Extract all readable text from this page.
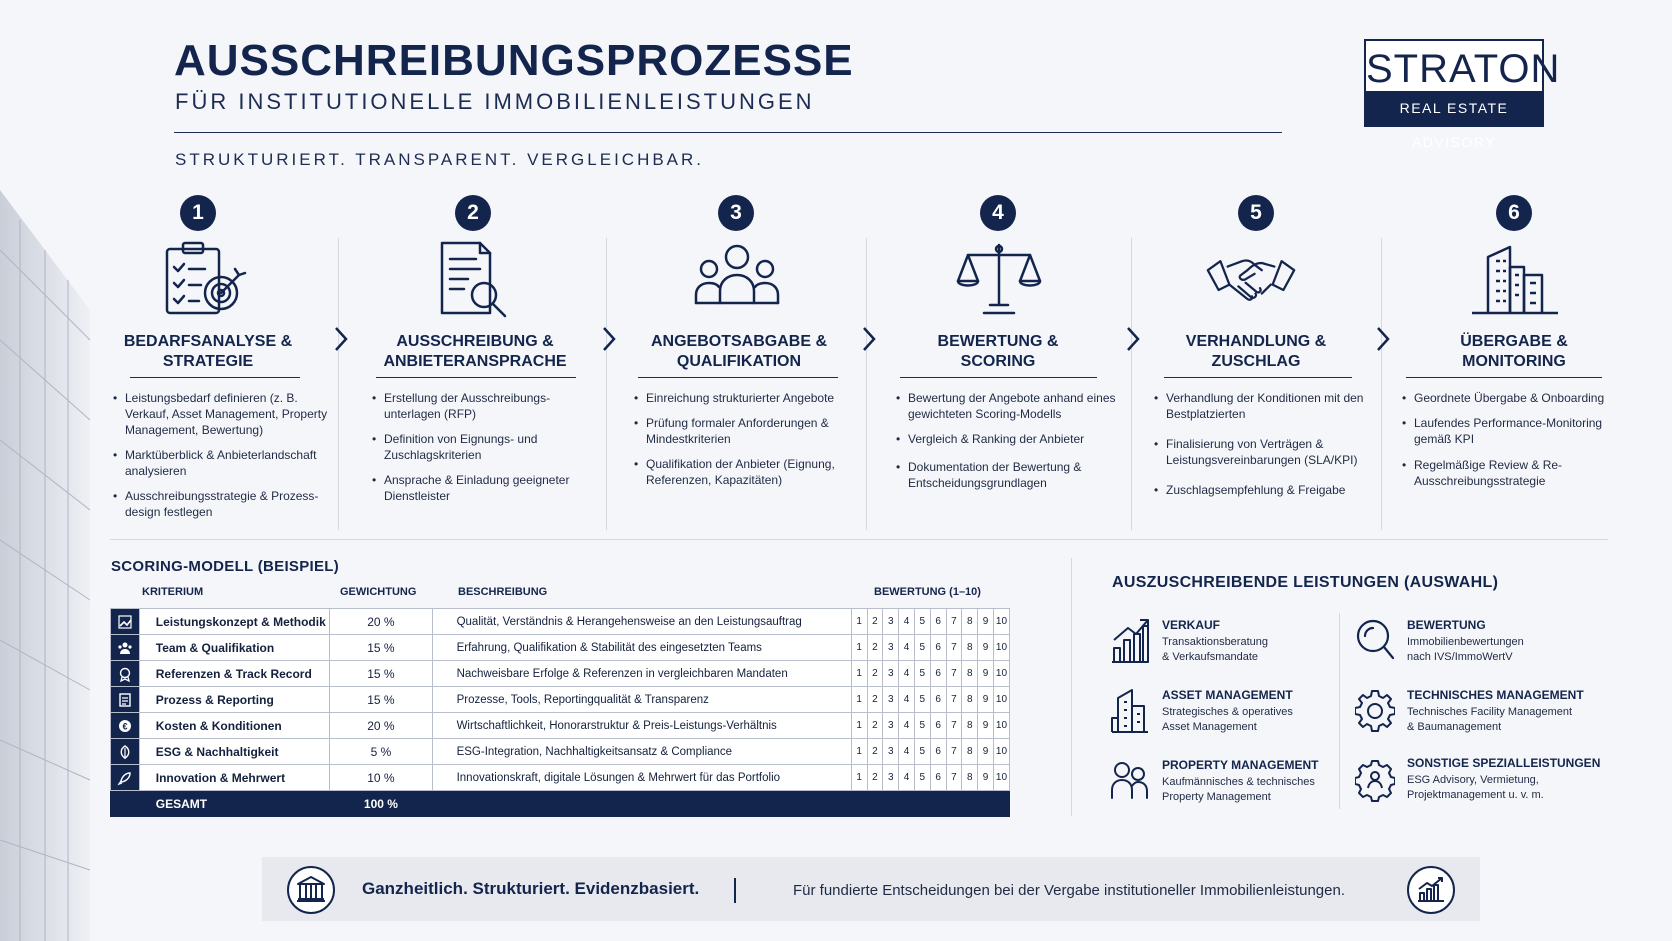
AUSSCHREIBUNGSPROZESSE
FÜR INSTITUTIONELLE IMMOBILIENLEISTUNGEN
STRUKTURIERT. TRANSPARENT. VERGLEICHBAR.
STRATON
REAL ESTATE ADVISORY
1
BEDARFSANALYSE &
STRATEGIE
• Leistungsbedarf definieren (z. B. Verkauf, Asset Management, Property Management, Bewertung)
• Marktüberblick & Anbieterlandschaft analysieren
• Ausschreibungsstrategie & Prozess-design festlegen
2
AUSSCHREIBUNG &
ANBIETERANSPRACHE
• Erstellung der Ausschreibungs-unterlagen (RFP)
• Definition von Eignungs- und Zuschlagskriterien
• Ansprache & Einladung geeigneter Dienstleister
3
ANGEBOTSABGABE &
QUALIFIKATION
• Einreichung strukturierter Angebote
• Prüfung formaler Anforderungen & Mindestkriterien
• Qualifikation der Anbieter (Eignung, Referenzen, Kapazitäten)
4
BEWERTUNG &
SCORING
• Bewertung der Angebote anhand eines gewichteten Scoring-Modells
• Vergleich & Ranking der Anbieter
• Dokumentation der Bewertung & Entscheidungsgrundlagen
5
VERHANDLUNG &
ZUSCHLAG
• Verhandlung der Konditionen mit den Bestplatzierten
• Finalisierung von Verträgen & Leistungsvereinbarungen (SLA/KPI)
• Zuschlagsempfehlung & Freigabe
6
ÜBERGABE &
MONITORING
• Geordnete Übergabe & Onboarding
• Laufendes Performance-Monitoring gemäß KPI
• Regelmäßige Review & Re-Ausschreibungsstrategie
SCORING-MODELL (BEISPIEL)
KRITERIUM	GEWICHTUNG	BESCHREIBUNG	BEWERTUNG (1–10)
	Leistungskonzept & Methodik	20 %	Qualität, Verständnis & Herangehensweise an den Leistungsauftrag	1	2	3	4	5	6	7	8	9	10
	Team & Qualifikation	15 %	Erfahrung, Qualifikation & Stabilität des eingesetzten Teams	1	2	3	4	5	6	7	8	9	10
	Referenzen & Track Record	15 %	Nachweisbare Erfolge & Referenzen in vergleichbaren Mandaten	1	2	3	4	5	6	7	8	9	10
	Prozess & Reporting	15 %	Prozesse, Tools, Reportingqualität & Transparenz	1	2	3	4	5	6	7	8	9	10

€	Kosten & Konditionen	20 %	Wirtschaftlichkeit, Honorarstruktur & Preis-Leistungs-Verhältnis	1	2	3	4	5	6	7	8	9	10
	ESG & Nachhaltigkeit	5 %	ESG-Integration, Nachhaltigkeitsansatz & Compliance	1	2	3	4	5	6	7	8	9	10
	Innovation & Mehrwert	10 %	Innovationskraft, digitale Lösungen & Mehrwert für das Portfolio	1	2	3	4	5	6	7	8	9	10
	GESAMT	100 %											
AUSZUSCHREIBENDE LEISTUNGEN (AUSWAHL)
VERKAUF
Transaktionsberatung
& Verkaufsmandate
BEWERTUNG
Immobilienbewertungen
nach IVS/ImmoWertV
ASSET MANAGEMENT
Strategisches & operatives
Asset Management
TECHNISCHES MANAGEMENT
Technisches Facility Management
& Baumanagement
PROPERTY MANAGEMENT
Kaufmännisches & technisches
Property Management
SONSTIGE SPEZIALLEISTUNGEN
ESG Advisory, Vermietung,
Projektmanagement u. v. m.
Ganzheitlich. Strukturiert. Evidenzbasiert.	Für fundierte Entscheidungen bei der Vergabe institutioneller Immobilienleistungen.
